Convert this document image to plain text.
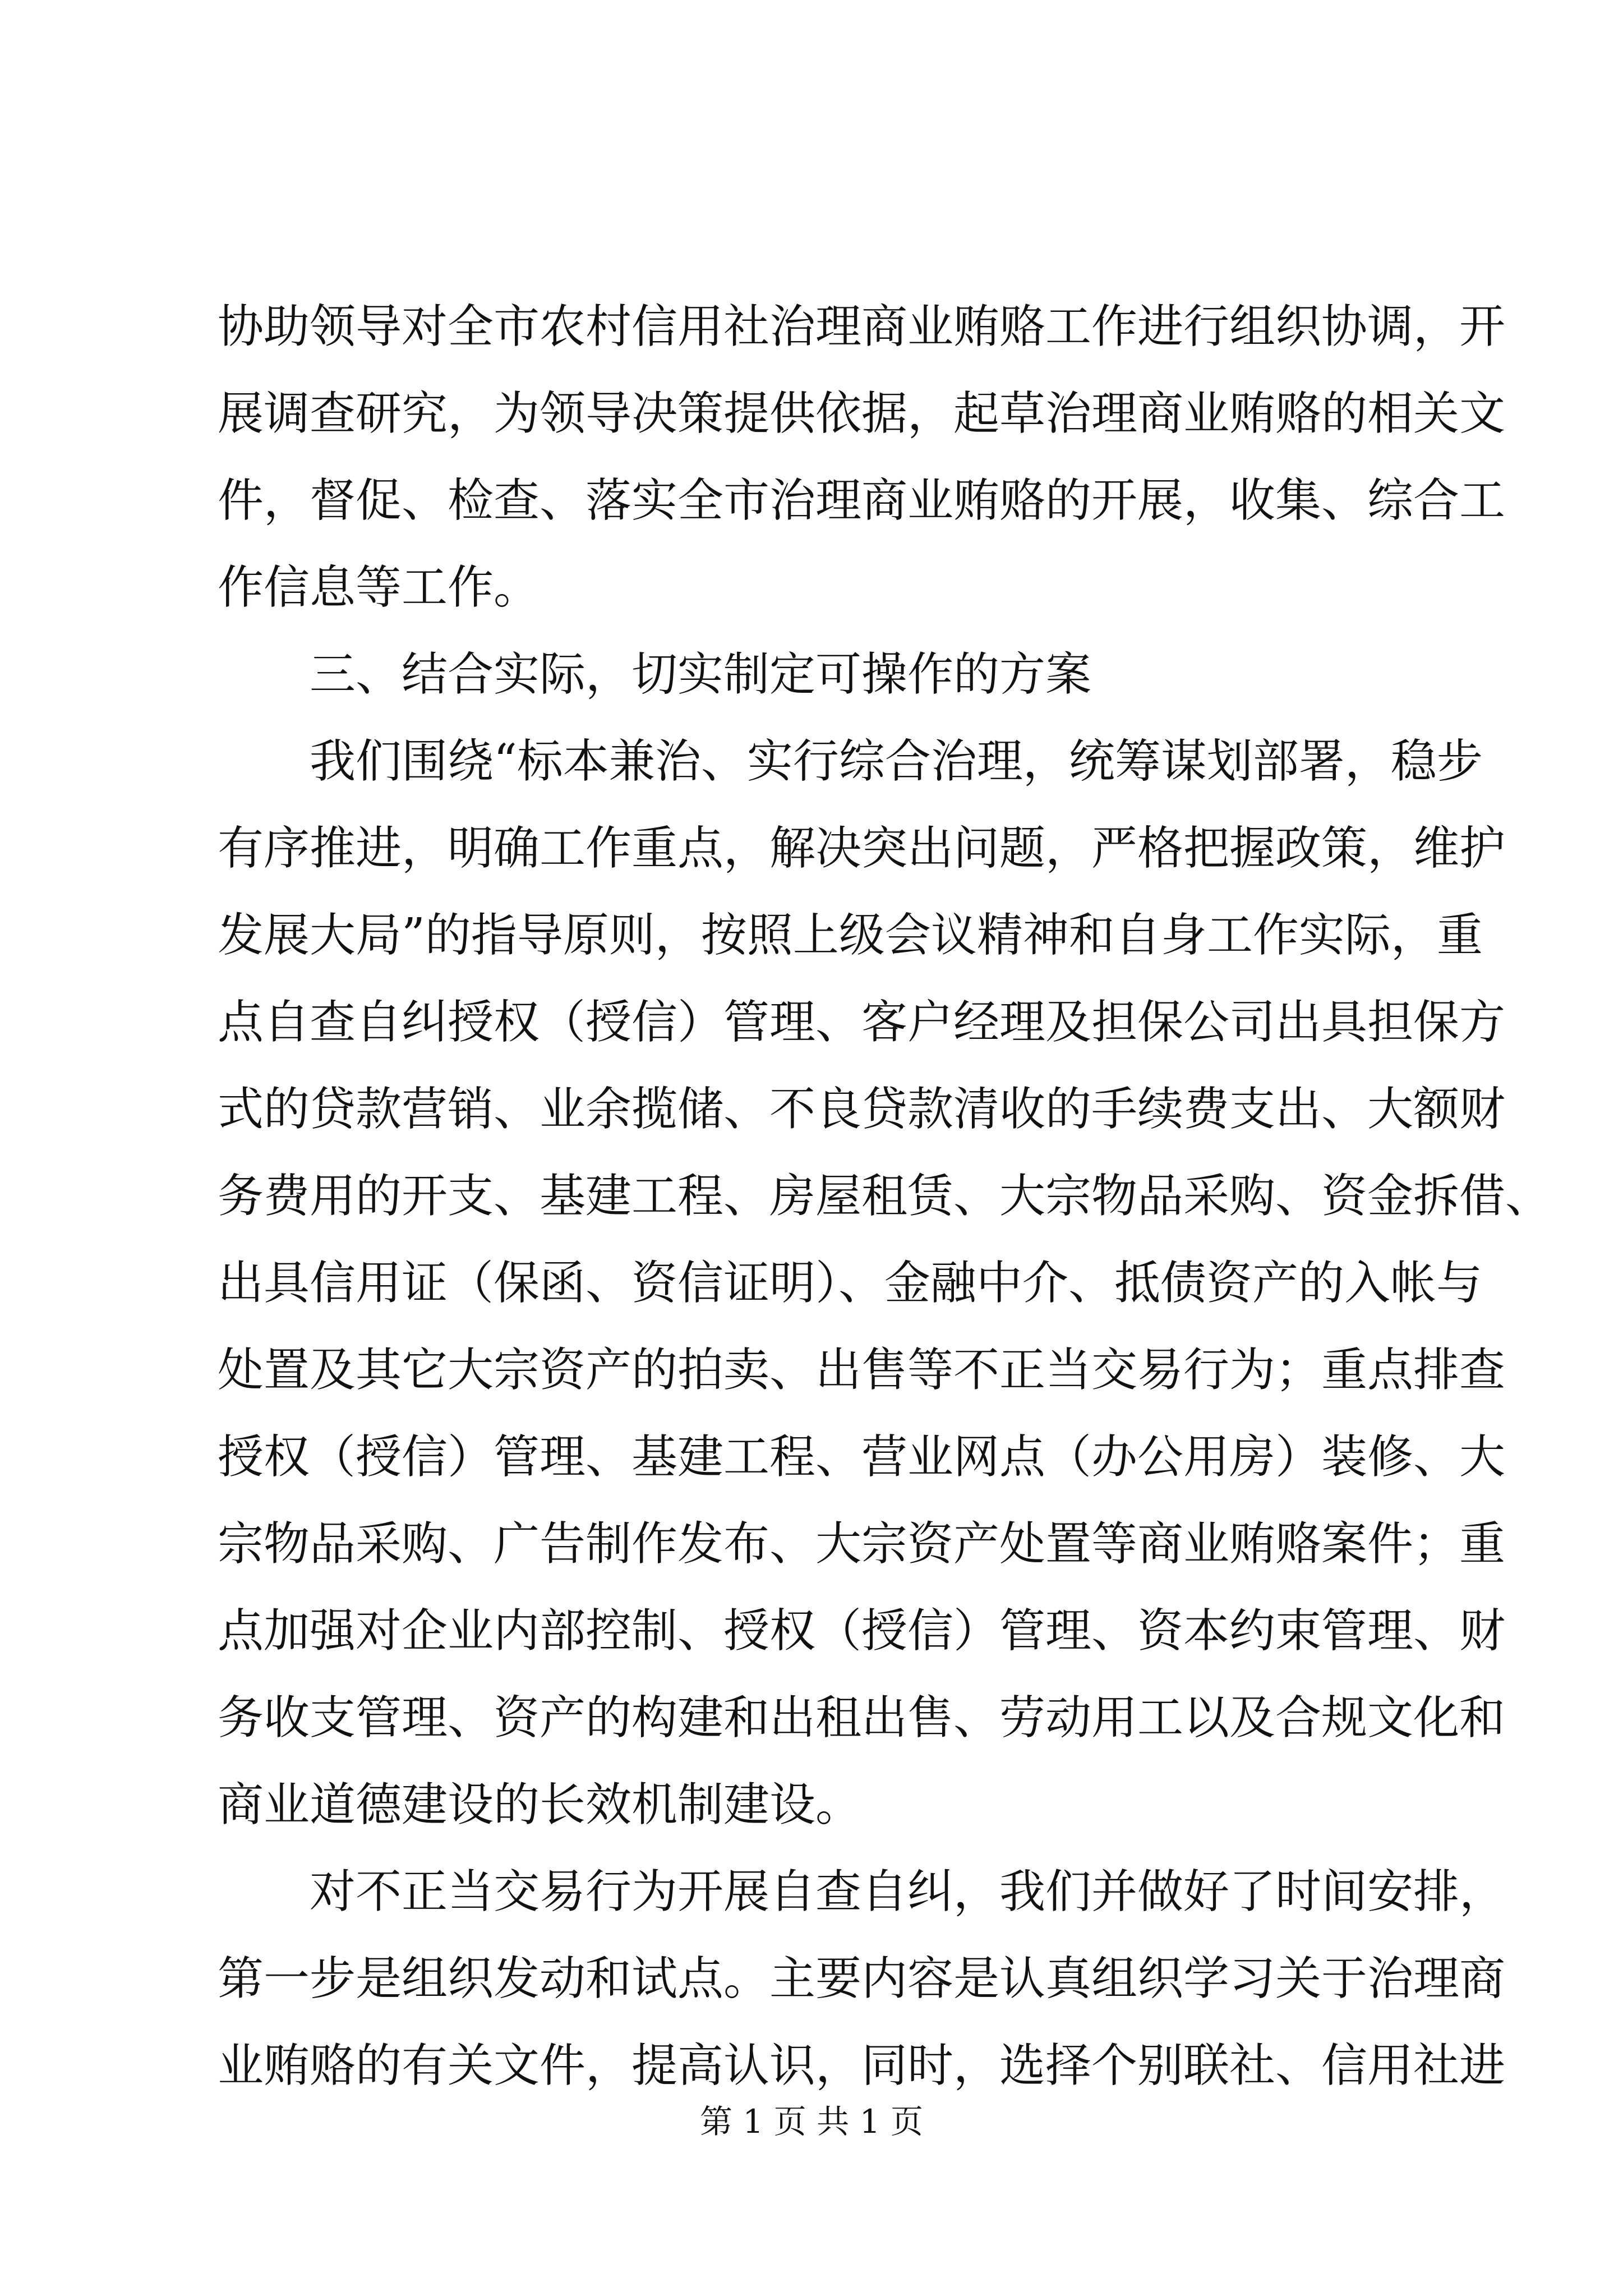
协助领导对全市农村信用社治理商业贿赂工作进行组织协调，开
展调查研究，为领导决策提供依据，起草治理商业贿赂的相关文
件，督促、检查、落实全市治理商业贿赂的开展，收集、综合工
作信息等工作。
三、结合实际，切实制定可操作的方案
我们围绕“标本兼治、实行综合治理，统筹谋划部署，稳步
有序推进，明确工作重点，解决突出问题，严格把握政策，维护
发展大局”的指导原则，按照上级会议精神和自身工作实际，重
点自查自纠授权（授信）管理、客户经理及担保公司出具担保方
式的贷款营销、业余揽储、不良贷款清收的手续费支出、大额财
务费用的开支、基建工程、房屋租赁、大宗物品采购、资金拆借、
出具信用证（保函、资信证明）、金融中介、抵债资产的入帐与
处置及其它大宗资产的拍卖、出售等不正当交易行为；重点排查
授权（授信）管理、基建工程、营业网点（办公用房）装修、大
宗物品采购、广告制作发布、大宗资产处置等商业贿赂案件；重
点加强对企业内部控制、授权（授信）管理、资本约束管理、财
务收支管理、资产的构建和出租出售、劳动用工以及合规文化和
商业道德建设的长效机制建设。
对不正当交易行为开展自查自纠，我们并做好了时间安排，
第一步是组织发动和试点。主要内容是认真组织学习关于治理商
业贿赂的有关文件，提高认识，同时，选择个别联社、信用社进
第 1 页 共 1 页
